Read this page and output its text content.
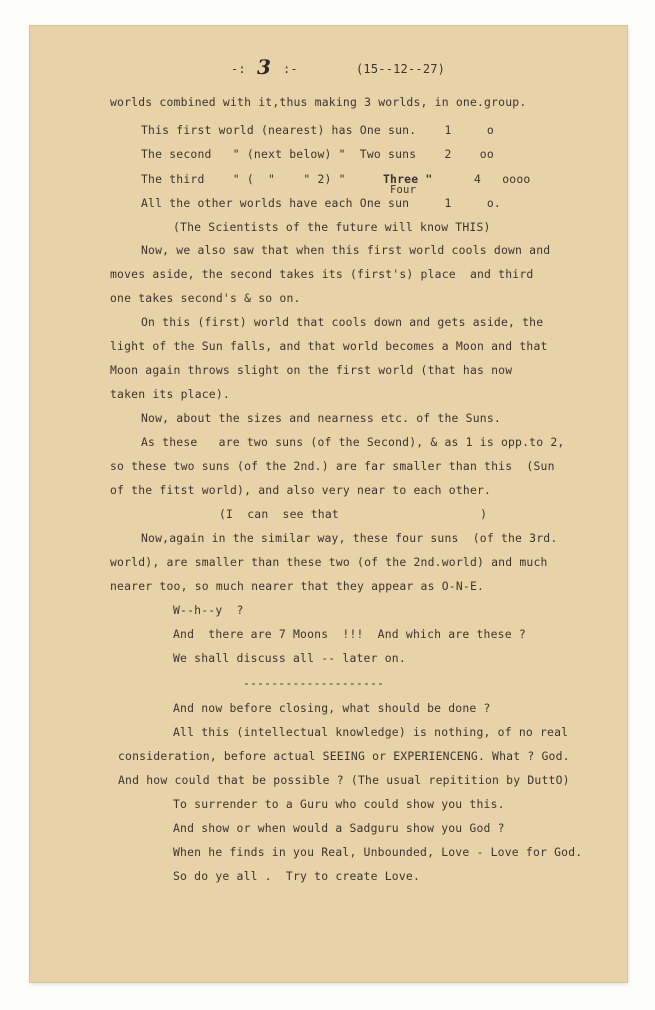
-: 3 :-	(15--12--27)
worlds combined with it,thus making 3 worlds, in one.group.
This first world (nearest) has One sun.    1     o
The second   " (next below) "  Two suns    2    oo
The third    " (  "    " 2) "	Three "	4   oooo
Four
All the other worlds have each One sun     1     o.
(The Scientists of the future will know THIS)
Now, we also saw that when this first world cools down and
moves aside, the second takes its (first's) place  and third
one takes second's & so on.
On this (first) world that cools down and gets aside, the
light of the Sun falls, and that world becomes a Moon and that
Moon again throws slight on the first world (that has now
taken its place).
Now, about the sizes and nearness etc. of the Suns.
As these   are two suns (of the Second), & as 1 is opp.to 2,
so these two suns (of the 2nd.) are far smaller than this  (Sun
of the fitst world), and also very near to each other.
(I  can  see that                    )
Now,again in the similar way, these four suns  (of the 3rd.
world), are smaller than these two (of the 2nd.world) and much
nearer too, so much nearer that they appear as O-N-E.
W--h--y  ?
And  there are 7 Moons  !!!  And which are these ?
We shall discuss all -- later on.
--------------------
And now before closing, what should be done ?
All this (intellectual knowledge) is nothing, of no real
consideration, before actual SEEING or EXPERIENCENG. What ? God.
And how could that be possible ? (The usual repitition by DuttO)
To surrender to a Guru who could show you this.
And show or when would a Sadguru show you God ?
When he finds in you Real, Unbounded, Love - Love for God.
So do ye all .  Try to create Love.
